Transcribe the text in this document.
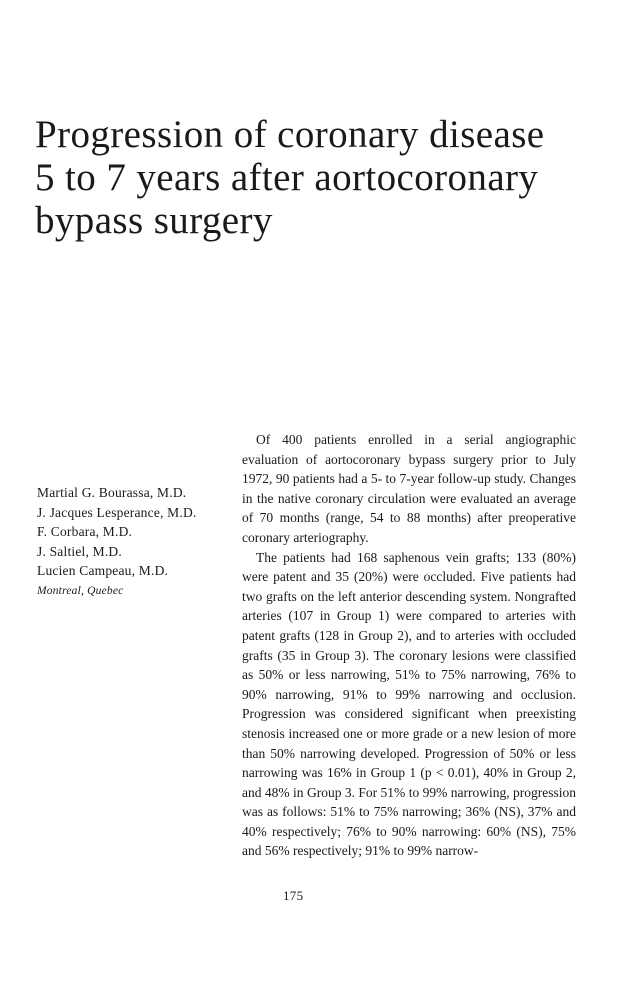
Progression of coronary disease
5 to 7 years after aortocoronary
bypass surgery
Martial G. Bourassa, M.D.
J. Jacques Lesperance, M.D.
F. Corbara, M.D.
J. Saltiel, M.D.
Lucien Campeau, M.D.
Montreal, Quebec

Of 400 patients enrolled in a serial angiographic evaluation of aortocoronary bypass surgery prior to July 1972, 90 patients had a 5- to 7-year follow-up study. Changes in the native coronary circulation were evaluated an average of 70 months (range, 54 to 88 months) after preoperative coronary arteriography.

The patients had 168 saphenous vein grafts; 133 (80%) were patent and 35 (20%) were occluded. Five patients had two grafts on the left anterior descending system. Nongrafted arteries (107 in Group 1) were compared to arteries with patent grafts (128 in Group 2), and to arteries with occluded grafts (35 in Group 3). The coronary lesions were classified as 50% or less narrowing, 51% to 75% narrowing, 76% to 90% narrowing, 91% to 99% narrowing and occlusion. Progression was considered significant when preexisting stenosis increased one or more grade or a new lesion of more than 50% narrowing developed. Progression of 50% or less narrowing was 16% in Group 1 (p < 0.01), 40% in Group 2, and 48% in Group 3. For 51% to 99% narrowing, progression was as follows: 51% to 75% narrowing; 36% (NS), 37% and 40% respectively; 76% to 90% narrowing: 60% (NS), 75% and 56% respectively; 91% to 99% narrow-

175
